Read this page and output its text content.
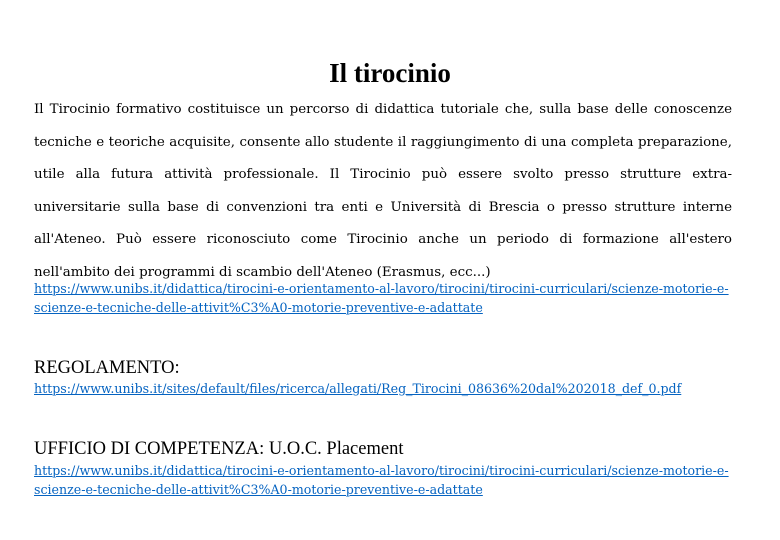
Il tirocinio

Il Tirocinio formativo costituisce un percorso di didattica tutoriale che, sulla base delle conoscenze tecniche e teoriche acquisite, consente allo studente il raggiungimento di una completa preparazione, utile alla futura attività professionale. Il Tirocinio può essere svolto presso strutture extra-universitarie sulla base di convenzioni tra enti e Università di Brescia o presso strutture interne all'Ateneo. Può essere riconosciuto come Tirocinio anche un periodo di formazione all'estero nell'ambito dei programmi di scambio dell'Ateneo (Erasmus, ecc...)

https://www.unibs.it/didattica/tirocini-e-orientamento-al-lavoro/tirocini/tirocini-curriculari/scienze-motorie-e-scienze-e-tecniche-delle-attivit%C3%A0-motorie-preventive-e-adattate
REGOLAMENTO:
https://www.unibs.it/sites/default/files/ricerca/allegati/Reg_Tirocini_08636%20dal%202018_def_0.pdf
UFFICIO DI COMPETENZA: U.O.C. Placement
https://www.unibs.it/didattica/tirocini-e-orientamento-al-lavoro/tirocini/tirocini-curriculari/scienze-motorie-e-scienze-e-tecniche-delle-attivit%C3%A0-motorie-preventive-e-adattate
